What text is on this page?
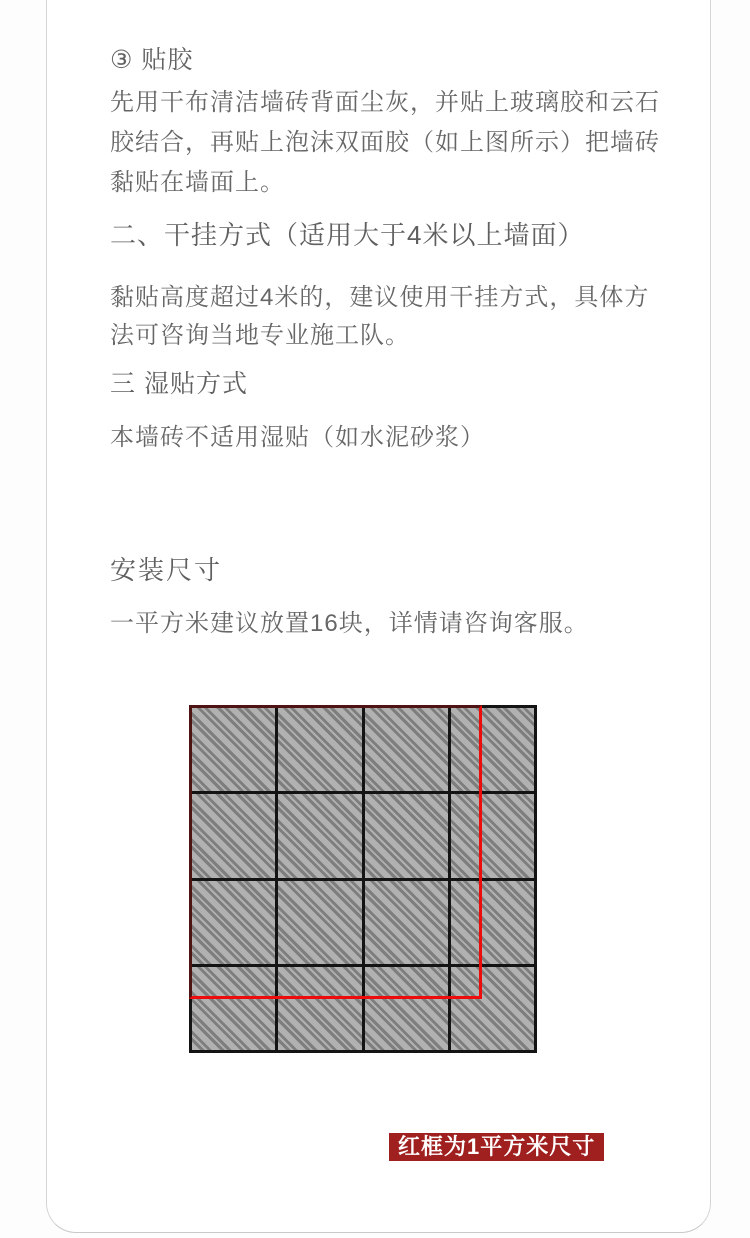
③ 贴胶
先用干布清洁墙砖背面尘灰，并贴上玻璃胶和云石
胶结合，再贴上泡沫双面胶（如上图所示）把墙砖
黏贴在墙面上。
二、干挂方式（适用大于4米以上墙面）
黏贴高度超过4米的，建议使用干挂方式，具体方
法可咨询当地专业施工队。
三 湿贴方式
本墙砖不适用湿贴（如水泥砂浆）
安装尺寸
一平方米建议放置16块，详情请咨询客服。
红框为1平方米尺寸
